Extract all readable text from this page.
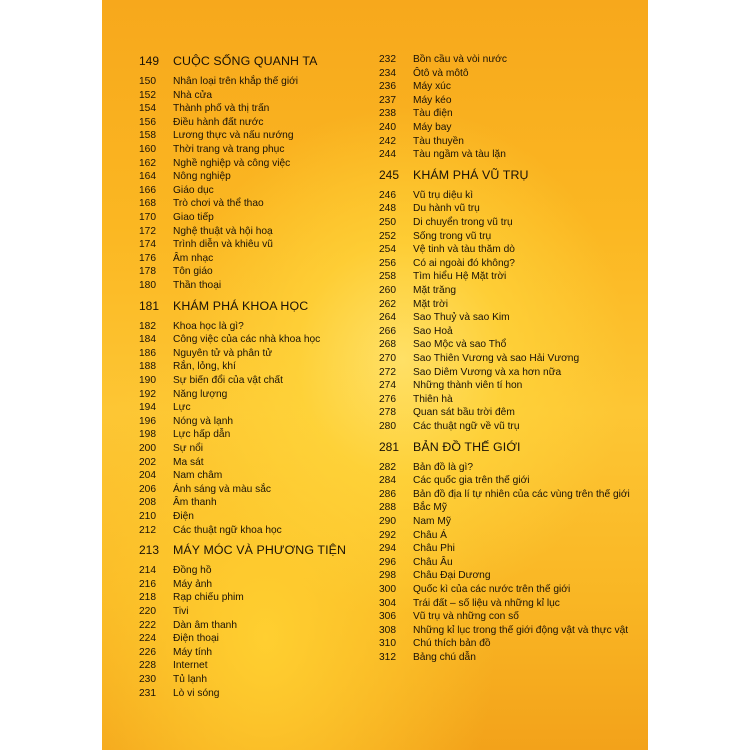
149	CUỘC SỐNG QUANH TA
150	Nhân loại trên khắp thế giới
152	Nhà cửa
154	Thành phố và thị trấn
156	Điều hành đất nước
158	Lương thực và nấu nướng
160	Thời trang và trang phục
162	Nghề nghiệp và công việc
164	Nông nghiệp
166	Giáo dục
168	Trò chơi và thể thao
170	Giao tiếp
172	Nghệ thuật và hội hoạ
174	Trình diễn và khiêu vũ
176	Âm nhạc
178	Tôn giáo
180	Thần thoại
181	KHÁM PHÁ KHOA HỌC
182	Khoa học là gì?
184	Công việc của các nhà khoa học
186	Nguyên tử và phân tử
188	Rắn, lỏng, khí
190	Sự biến đổi của vật chất
192	Năng lượng
194	Lực
196	Nóng và lạnh
198	Lực hấp dẫn
200	Sự nổi
202	Ma sát
204	Nam châm
206	Ánh sáng và màu sắc
208	Âm thanh
210	Điện
212	Các thuật ngữ khoa học
213	MÁY MÓC VÀ PHƯƠNG TIỆN
214	Đồng hồ
216	Máy ảnh
218	Rạp chiếu phim
220	Tivi
222	Dàn âm thanh
224	Điện thoại
226	Máy tính
228	Internet
230	Tủ lạnh
231	Lò vi sóng
232	Bồn cầu và vòi nước
234	Ôtô và môtô
236	Máy xúc
237	Máy kéo
238	Tàu điện
240	Máy bay
242	Tàu thuyền
244	Tàu ngầm và tàu lặn
245	KHÁM PHÁ VŨ TRỤ
246	Vũ trụ diệu kì
248	Du hành vũ trụ
250	Di chuyển trong vũ trụ
252	Sống trong vũ trụ
254	Vệ tinh và tàu thăm dò
256	Có ai ngoài đó không?
258	Tìm hiểu Hệ Mặt trời
260	Mặt trăng
262	Mặt trời
264	Sao Thuỷ và sao Kim
266	Sao Hoả
268	Sao Mộc và sao Thổ
270	Sao Thiên Vương và sao Hải Vương
272	Sao Diêm Vương và xa hơn nữa
274	Những thành viên tí hon
276	Thiên hà
278	Quan sát bầu trời đêm
280	Các thuật ngữ về vũ trụ
281	BẢN ĐỒ THẾ GIỚI
282	Bản đồ là gì?
284	Các quốc gia trên thế giới
286	Bản đồ địa lí tự nhiên của các vùng trên thế giới
288	Bắc Mỹ
290	Nam Mỹ
292	Châu Á
294	Châu Phi
296	Châu Âu
298	Châu Đại Dương
300	Quốc kì của các nước trên thế giới
304	Trái đất – số liệu và những kỉ lục
306	Vũ trụ và những con số
308	Những kỉ lục trong thế giới động vật và thực vật
310	Chú thích bản đồ
312	Bảng chú dẫn
